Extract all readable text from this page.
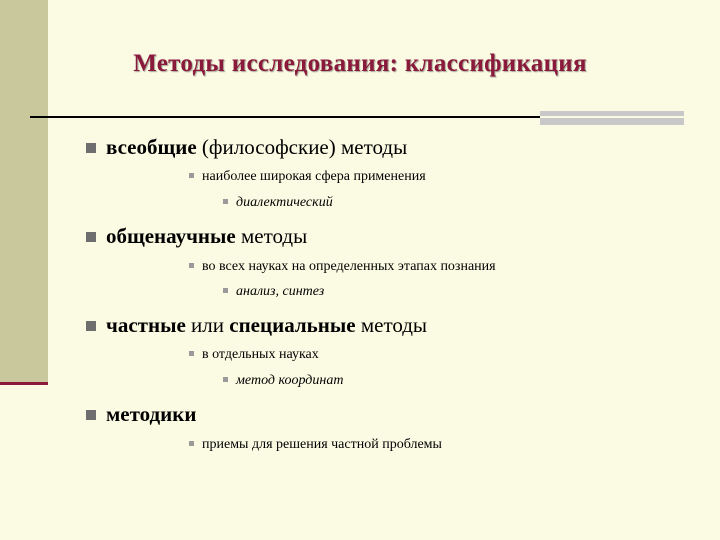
Методы исследования: классификация
всеобщие (философские) методы
наиболее широкая сфера применения
диалектический
общенаучные методы
во всех науках на определенных этапах познания
анализ, синтез
частные или специальные методы
в отдельных науках
метод координат
методики
приемы для решения частной проблемы
